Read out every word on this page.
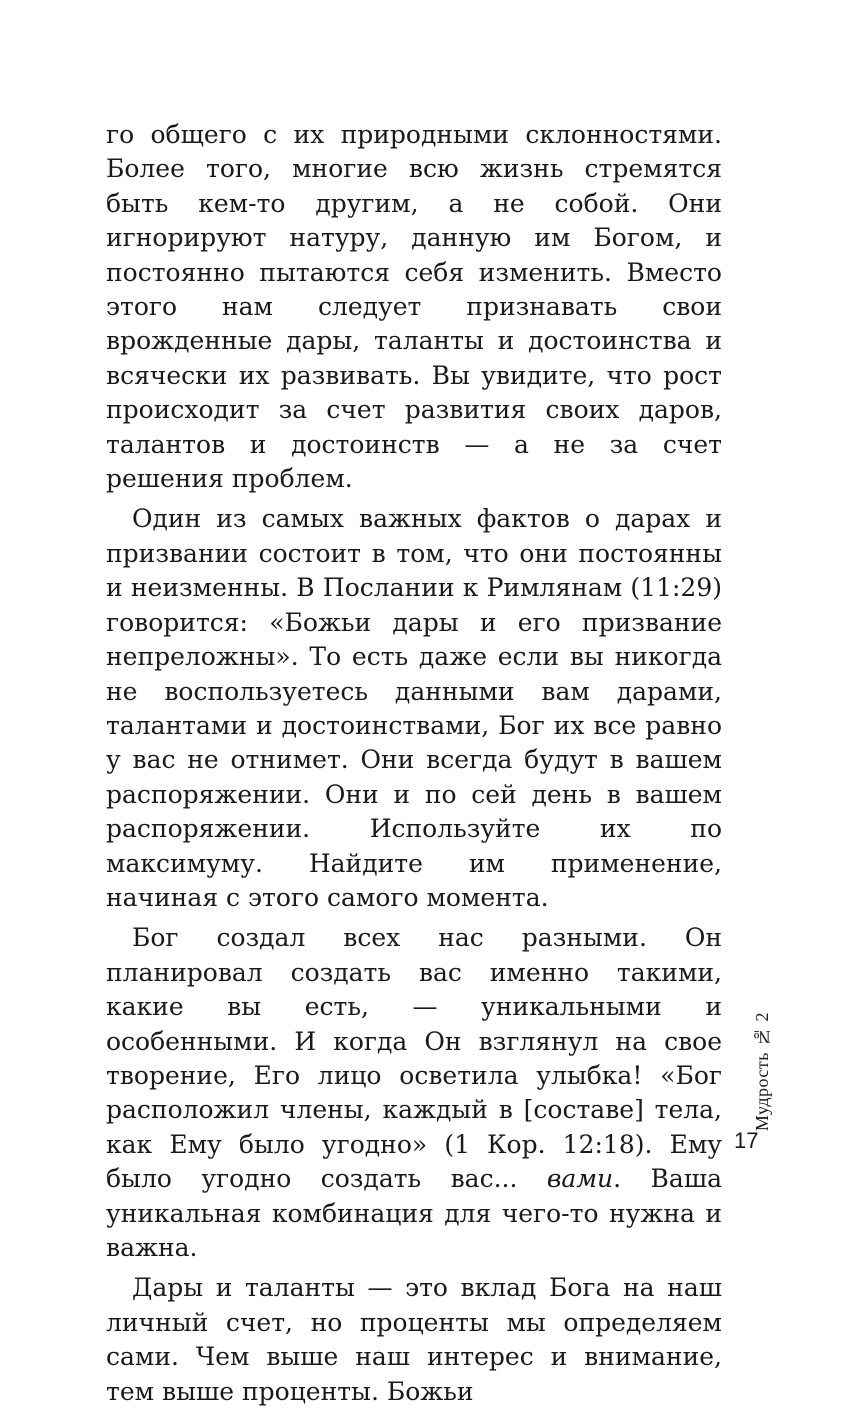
го общего с их природными склонностями. Более того, многие всю жизнь стремятся быть кем-то другим, а не собой. Они игнорируют натуру, данную им Богом, и постоянно пытаются себя изменить. Вместо этого нам следует признавать свои врожденные дары, таланты и достоинства и всячески их развивать. Вы увидите, что рост происходит за счет развития своих даров, талантов и достоинств — а не за счет решения проблем.

Один из самых важных фактов о дарах и призвании состоит в том, что они постоянны и неизменны. В Послании к Римлянам (11:29) говорится: «Божьи дары и его призвание непреложны». То есть даже если вы никогда не воспользуетесь данными вам дарами, талантами и достоинствами, Бог их все равно у вас не отнимет. Они всегда будут в вашем распоряжении. Они и по сей день в вашем распоряжении. Используйте их по максимуму. Найдите им применение, начиная с этого самого момента.

Бог создал всех нас разными. Он планировал создать вас именно такими, какие вы есть, — уникальными и особенными. И когда Он взглянул на свое творение, Его лицо осветила улыбка! «Бог расположил члены, каждый в [составе] тела, как Ему было угодно» (1 Кор. 12:18). Ему было угодно создать вас... вами. Ваша уникальная комбинация для чего-то нужна и важна.

Дары и таланты — это вклад Бога на наш личный счет, но проценты мы определяем сами. Чем выше наш интерес и внимание, тем выше проценты. Божьи

Мудрость № 2
17
